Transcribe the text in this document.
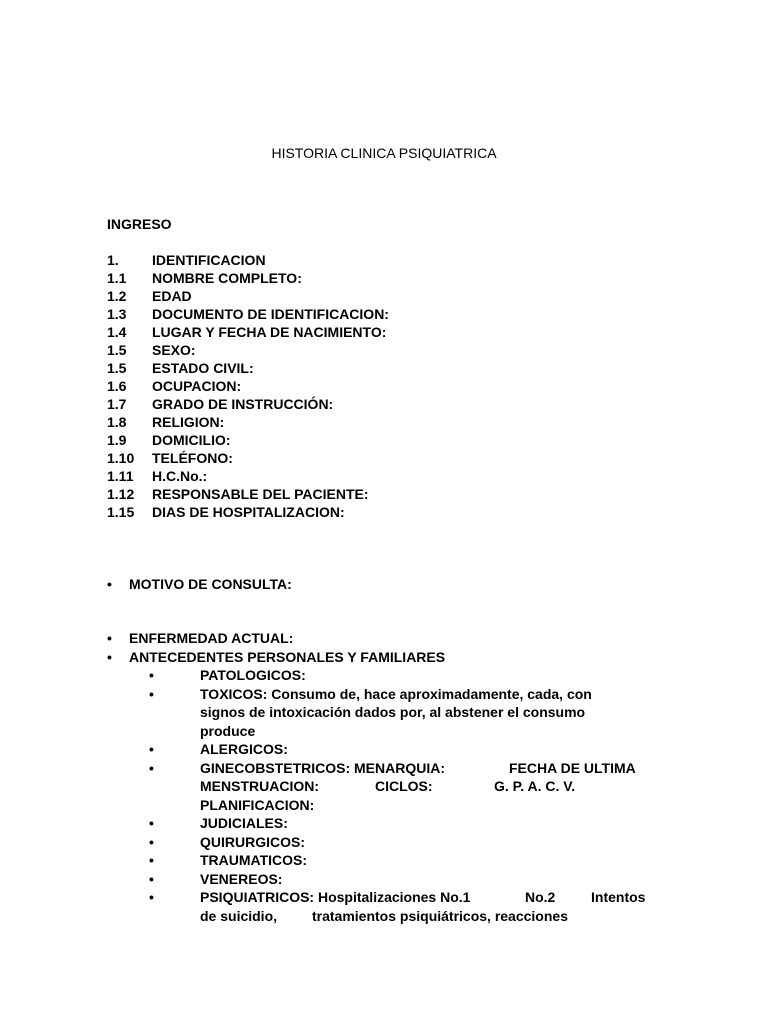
HISTORIA CLINICA PSIQUIATRICA
INGRESO
1.	IDENTIFICACION
1.1	NOMBRE COMPLETO:
1.2	EDAD
1.3	DOCUMENTO DE IDENTIFICACION:
1.4	LUGAR Y FECHA DE NACIMIENTO:
1.5	SEXO:
1.5	ESTADO CIVIL:
1.6	OCUPACION:
1.7	GRADO DE INSTRUCCIÓN:
1.8	RELIGION:
1.9	DOMICILIO:
1.10	TELÉFONO:
1.11	H.C.No.:
1.12	RESPONSABLE DEL PACIENTE:
1.15	DIAS DE HOSPITALIZACION:
•	MOTIVO DE CONSULTA:
•	ENFERMEDAD ACTUAL:
•	ANTECEDENTES PERSONALES Y FAMILIARES
•	PATOLOGICOS:
•	TOXICOS: Consumo de, hace aproximadamente, cada, con
signos de intoxicación dados por, al abstener el consumo
produce
•	ALERGICOS:
•	GINECOBSTETRICOS: MENARQUIA:	FECHA DE ULTIMA
MENSTRUACION:	CICLOS:	G. P. A. C. V.
PLANIFICACION:
•	JUDICIALES:
•	QUIRURGICOS:
•	TRAUMATICOS:
•	VENEREOS:
•	PSIQUIATRICOS: Hospitalizaciones No.1	No.2	Intentos
de suicidio, tratamientos psiquiátricos, reacciones
